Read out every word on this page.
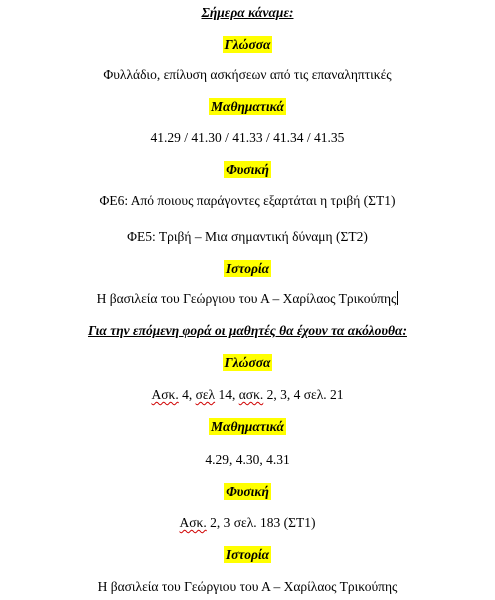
Σήμερα κάναμε:
Γλώσσα
Φυλλάδιο, επίλυση ασκήσεων από τις επαναληπτικές
Μαθηματικά
41.29 / 41.30 / 41.33 / 41.34 / 41.35
Φυσική
ΦΕ6: Από ποιους παράγοντες εξαρτάται η τριβή (ΣΤ1)
ΦΕ5: Τριβή – Μια σημαντική δύναμη (ΣΤ2)
Ιστορία
Η βασιλεία του Γεώργιου του Α – Χαρίλαος Τρικούπης
Για την επόμενη φορά οι μαθητές θα έχουν τα ακόλουθα:
Γλώσσα
Ασκ. 4, σελ 14, ασκ. 2, 3, 4 σελ. 21
Μαθηματικά
4.29, 4.30, 4.31
Φυσική
Ασκ. 2, 3 σελ. 183 (ΣΤ1)
Ιστορία
Η βασιλεία του Γεώργιου του Α – Χαρίλαος Τρικούπης
